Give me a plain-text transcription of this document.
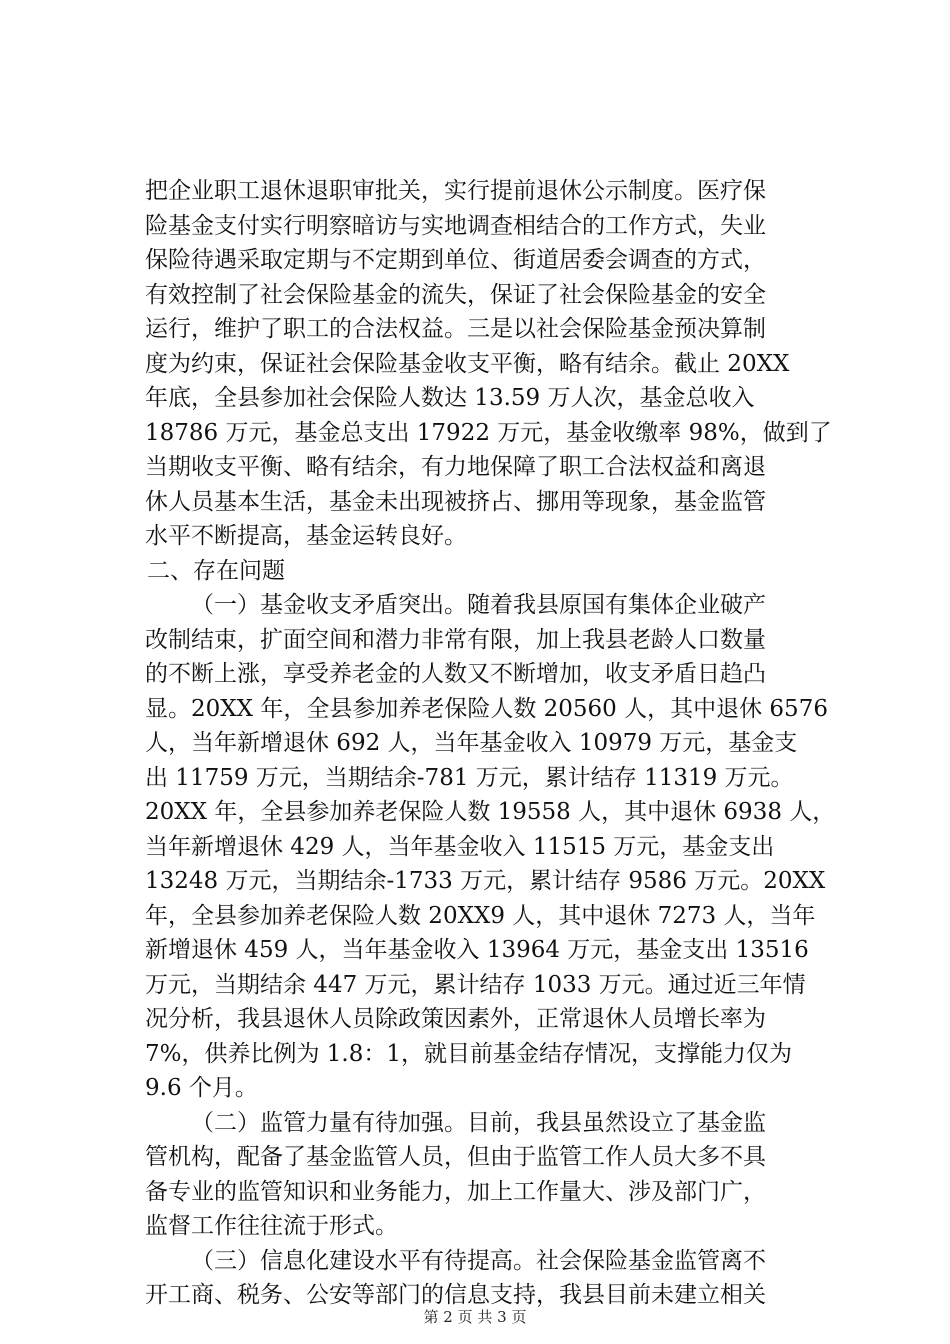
把企业职工退休退职审批关，实行提前退休公示制度。医疗保
险基金支付实行明察暗访与实地调查相结合的工作方式，失业
保险待遇采取定期与不定期到单位、街道居委会调查的方式，
有效控制了社会保险基金的流失，保证了社会保险基金的安全
运行，维护了职工的合法权益。三是以社会保险基金预决算制
度为约束，保证社会保险基金收支平衡，略有结余。截止 20XX
年底，全县参加社会保险人数达 13.59 万人次，基金总收入
18786 万元，基金总支出 17922 万元，基金收缴率 98%，做到了
当期收支平衡、略有结余，有力地保障了职工合法权益和离退
休人员基本生活，基金未出现被挤占、挪用等现象，基金监管
水平不断提高，基金运转良好。
二、存在问题
（一）基金收支矛盾突出。随着我县原国有集体企业破产
改制结束，扩面空间和潜力非常有限，加上我县老龄人口数量
的不断上涨，享受养老金的人数又不断增加，收支矛盾日趋凸
显。20XX 年，全县参加养老保险人数 20560 人，其中退休 6576
人，当年新增退休 692 人，当年基金收入 10979 万元，基金支
出 11759 万元，当期结余-781 万元，累计结存 11319 万元。
20XX 年，全县参加养老保险人数 19558 人，其中退休 6938 人，
当年新增退休 429 人，当年基金收入 11515 万元，基金支出
13248 万元，当期结余-1733 万元，累计结存 9586 万元。20XX
年，全县参加养老保险人数 20XX9 人，其中退休 7273 人，当年
新增退休 459 人，当年基金收入 13964 万元，基金支出 13516
万元，当期结余 447 万元，累计结存 1033 万元。通过近三年情
况分析，我县退休人员除政策因素外，正常退休人员增长率为
7%，供养比例为 1.8：1，就目前基金结存情况，支撑能力仅为
9.6 个月。
（二）监管力量有待加强。目前，我县虽然设立了基金监
管机构，配备了基金监管人员，但由于监管工作人员大多不具
备专业的监管知识和业务能力，加上工作量大、涉及部门广，
监督工作往往流于形式。
（三）信息化建设水平有待提高。社会保险基金监管离不
开工商、税务、公安等部门的信息支持，我县目前未建立相关
第 2 页 共 3 页
